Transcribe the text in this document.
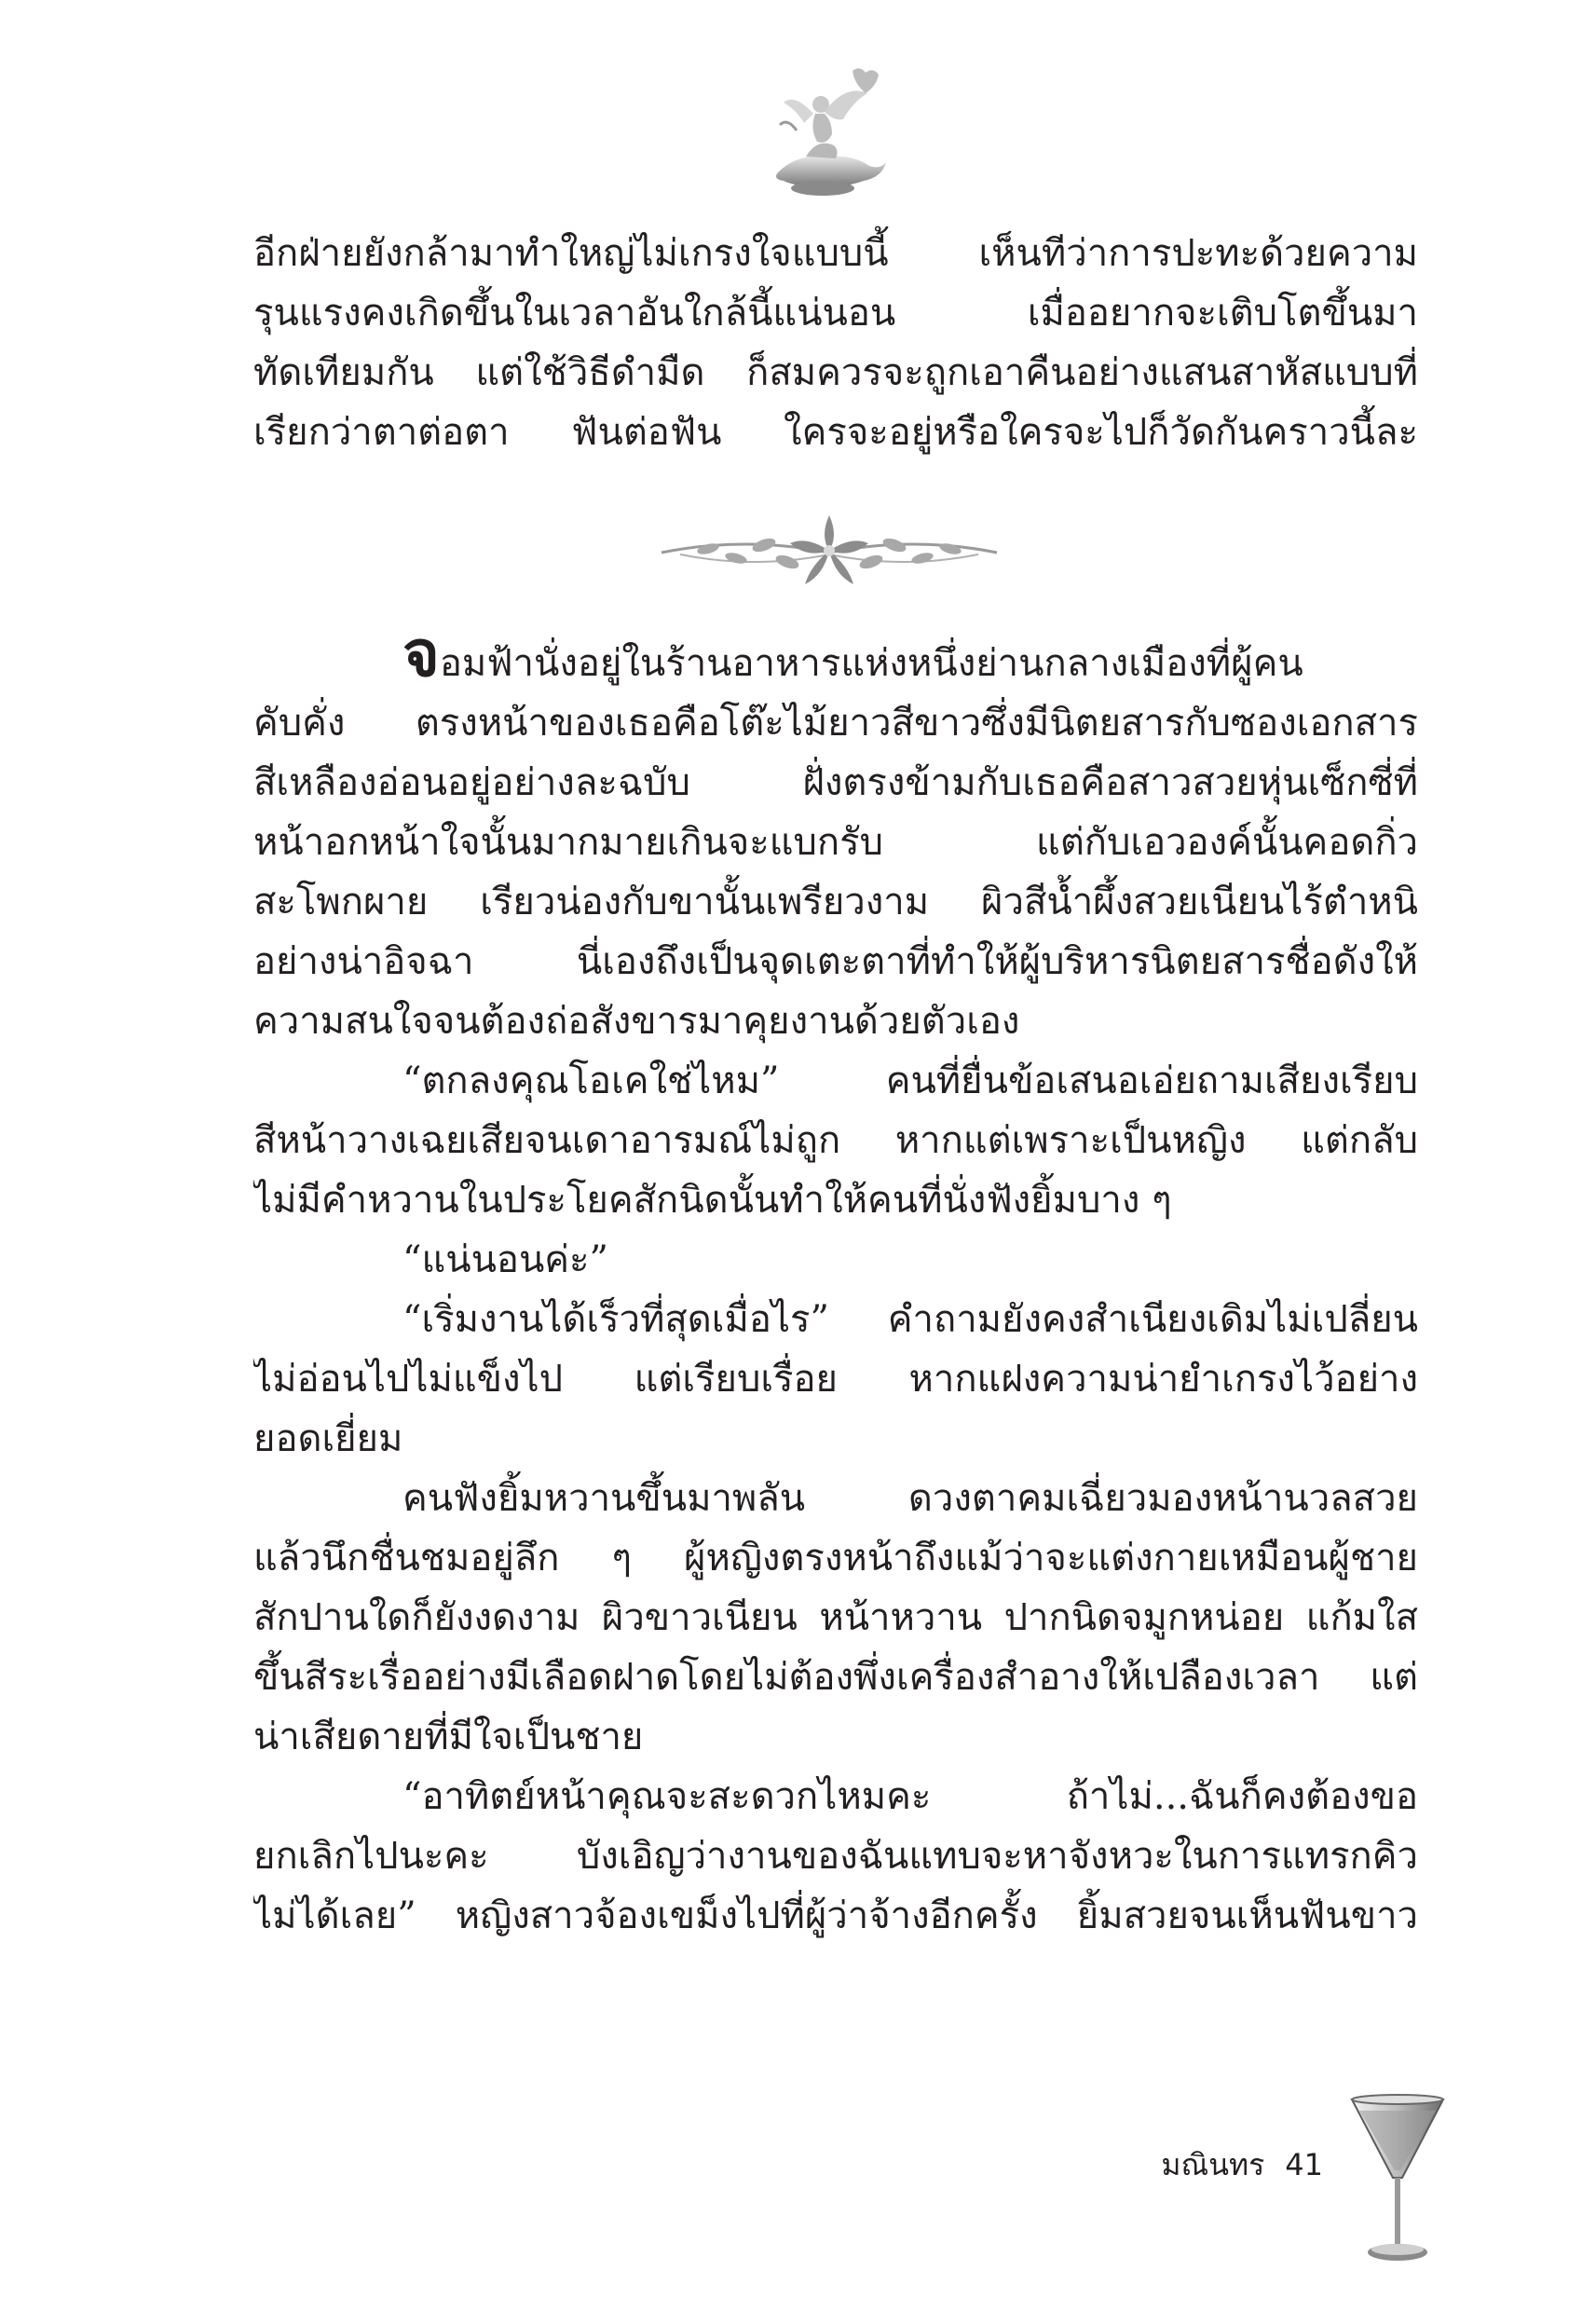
อีกฝ่ายยังกล้ามาทำใหญ่ไม่เกรงใจแบบนี้ เห็นทีว่าการปะทะด้วยความ
รุนแรงคงเกิดขึ้นในเวลาอันใกล้นี้แน่นอน เมื่ออยากจะเติบโตขึ้นมา
ทัดเทียมกัน แต่ใช้วิธีดำมืด ก็สมควรจะถูกเอาคืนอย่างแสนสาหัสแบบที่
เรียกว่าตาต่อตา ฟันต่อฟัน ใครจะอยู่หรือใครจะไปก็วัดกันคราวนี้ละ
จอมฟ้านั่งอยู่ในร้านอาหารแห่งหนึ่งย่านกลางเมืองที่ผู้คน
คับคั่ง ตรงหน้าของเธอคือโต๊ะไม้ยาวสีขาวซึ่งมีนิตยสารกับซองเอกสาร
สีเหลืองอ่อนอยู่อย่างละฉบับ ฝั่งตรงข้ามกับเธอคือสาวสวยหุ่นเซ็กซี่ที่
หน้าอกหน้าใจนั้นมากมายเกินจะแบกรับ แต่กับเอวองค์นั้นคอดกิ่ว
สะโพกผาย เรียวน่องกับขานั้นเพรียวงาม ผิวสีน้ำผึ้งสวยเนียนไร้ตำหนิ
อย่างน่าอิจฉา นี่เองถึงเป็นจุดเตะตาที่ทำให้ผู้บริหารนิตยสารชื่อดังให้
ความสนใจจนต้องถ่อสังขารมาคุยงานด้วยตัวเอง
“ตกลงคุณโอเคใช่ไหม” คนที่ยื่นข้อเสนอเอ่ยถามเสียงเรียบ
สีหน้าวางเฉยเสียจนเดาอารมณ์ไม่ถูก หากแต่เพราะเป็นหญิง แต่กลับ
ไม่มีคำหวานในประโยคสักนิดนั้นทำให้คนที่นั่งฟังยิ้มบาง ๆ
“แน่นอนค่ะ”
“เริ่มงานได้เร็วที่สุดเมื่อไร” คำถามยังคงสำเนียงเดิมไม่เปลี่ยน
ไม่อ่อนไปไม่แข็งไป แต่เรียบเรื่อย หากแฝงความน่ายำเกรงไว้อย่าง
ยอดเยี่ยม
คนฟังยิ้มหวานขึ้นมาพลัน ดวงตาคมเฉี่ยวมองหน้านวลสวย
แล้วนึกชื่นชมอยู่ลึก ๆ ผู้หญิงตรงหน้าถึงแม้ว่าจะแต่งกายเหมือนผู้ชาย
สักปานใดก็ยังงดงาม ผิวขาวเนียน หน้าหวาน ปากนิดจมูกหน่อย แก้มใส
ขึ้นสีระเรื่ออย่างมีเลือดฝาดโดยไม่ต้องพึ่งเครื่องสำอางให้เปลืองเวลา แต่
น่าเสียดายที่มีใจเป็นชาย
“อาทิตย์หน้าคุณจะสะดวกไหมคะ ถ้าไม่...ฉันก็คงต้องขอ
ยกเลิกไปนะคะ บังเอิญว่างานของฉันแทบจะหาจังหวะในการแทรกคิว
ไม่ได้เลย” หญิงสาวจ้องเขม็งไปที่ผู้ว่าจ้างอีกครั้ง ยิ้มสวยจนเห็นฟันขาว
มณินทร 41
